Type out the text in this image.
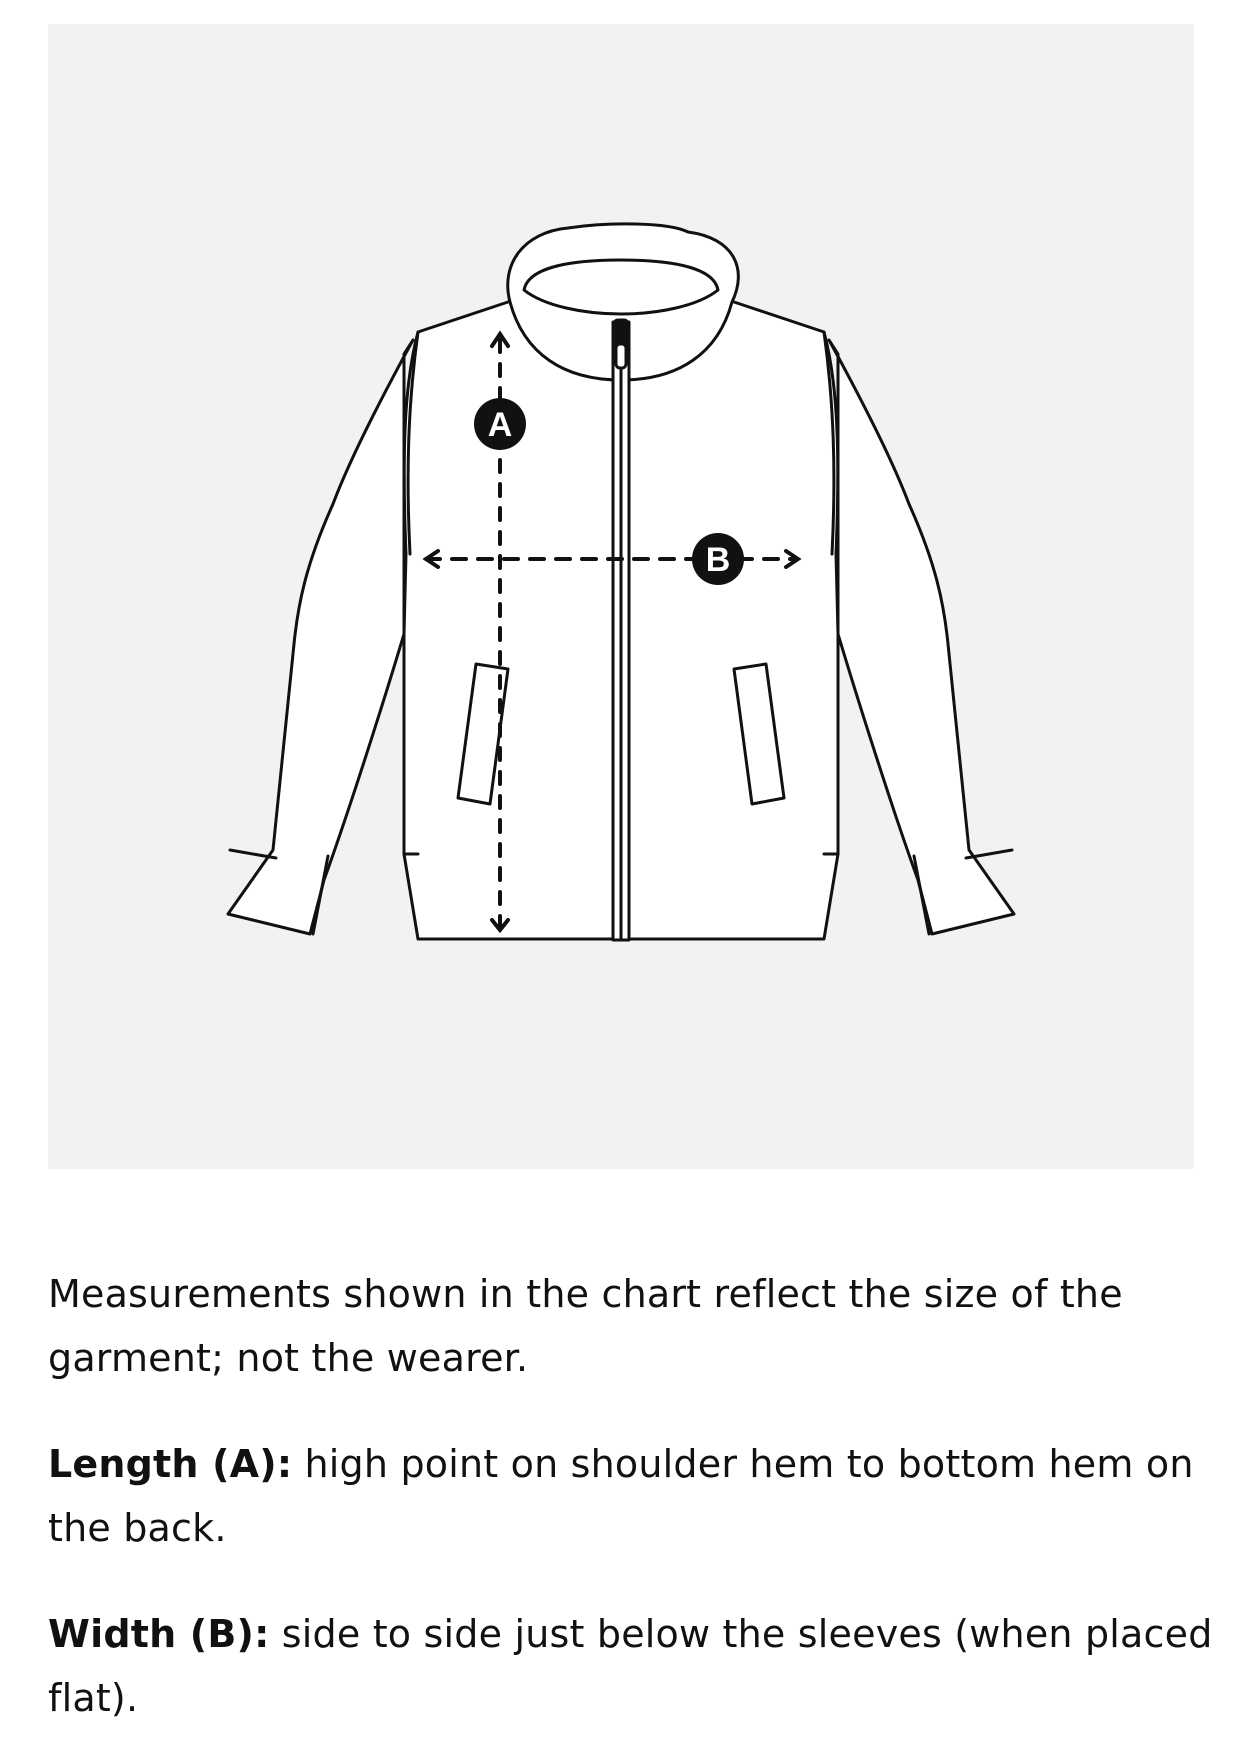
A
B
Measurements shown in the chart reflect the size of the garment; not the wearer.
Length (A): high point on shoulder hem to bottom hem on the back.
Width (B): side to side just below the sleeves (when placed flat).
